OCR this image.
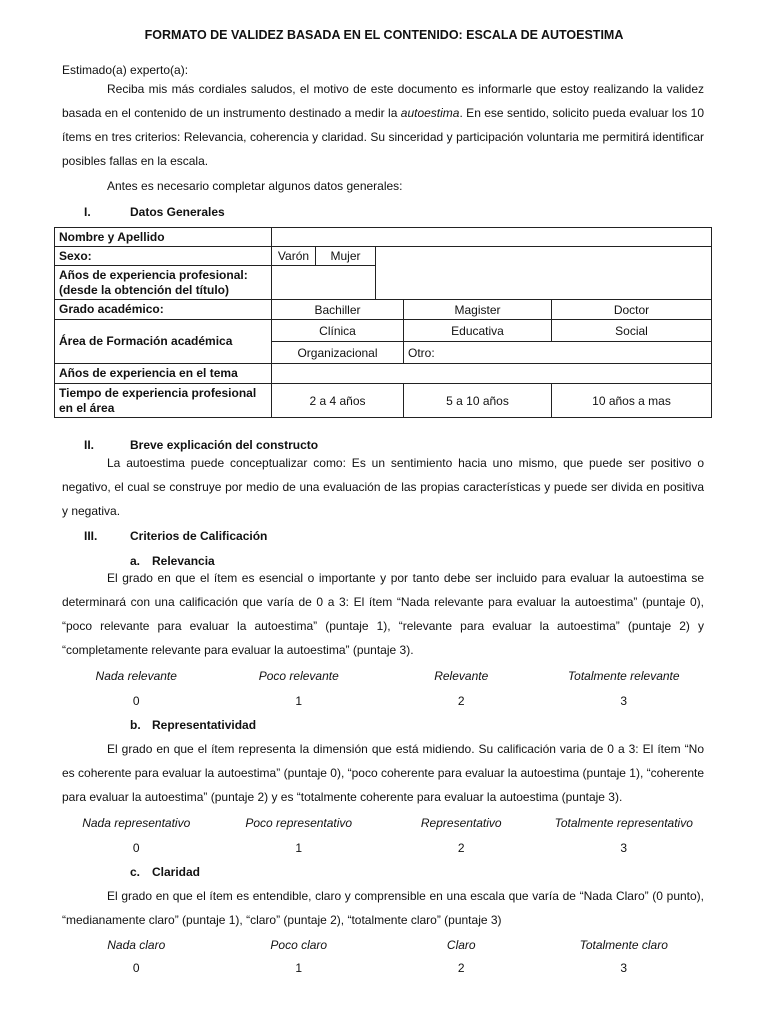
FORMATO DE VALIDEZ BASADA EN EL CONTENIDO: ESCALA DE AUTOESTIMA
Estimado(a) experto(a):
Reciba mis más cordiales saludos, el motivo de este documento es informarle que estoy realizando la validez basada en el contenido de un instrumento destinado a medir la autoestima. En ese sentido, solicito pueda evaluar los 10 ítems en tres criterios: Relevancia, coherencia y claridad. Su sinceridad y participación voluntaria me permitirá identificar posibles fallas en la escala.
Antes es necesario completar algunos datos generales:
I.	Datos Generales
Nombre y Apellido					
Sexo:	Varón	Mujer			
Años de experiencia profesional:
(desde la obtención del título)					
Grado académico:	Bachiller			Magister	Doctor
Área de Formación académica	Clínica			Educativa	Social
	Organizacional			Otro:	
Años de experiencia en el tema					
Tiempo de experiencia profesional en el área	2 a 4 años			5 a 10 años	10 años a mas
II.	Breve explicación del constructo
La autoestima puede conceptualizar como: Es un sentimiento hacia uno mismo, que puede ser positivo o negativo, el cual se construye por medio de una evaluación de las propias características y puede ser divida en positiva y negativa.
III.	Criterios de Calificación
a. Relevancia
El grado en que el ítem es esencial o importante y por tanto debe ser incluido para evaluar la autoestima se determinará con una calificación que varía de 0 a 3: El ítem “Nada relevante para evaluar la autoestima” (puntaje 0), “poco relevante para evaluar la autoestima” (puntaje 1), “relevante para evaluar la autoestima” (puntaje 2) y “completamente relevante para evaluar la autoestima” (puntaje 3).
Nada relevante	Poco relevante	Relevante	Totalmente relevante
0	1	2	3
b. Representatividad
El grado en que el ítem representa la dimensión que está midiendo. Su calificación varia de 0 a 3: El ítem “No es coherente para evaluar la autoestima” (puntaje 0), “poco coherente para evaluar la autoestima (puntaje 1), “coherente para evaluar la autoestima” (puntaje 2) y es “totalmente coherente para evaluar la autoestima (puntaje 3).
Nada representativo	Poco representativo	Representativo	Totalmente representativo
0	1	2	3
c. Claridad
El grado en que el ítem es entendible, claro y comprensible en una escala que varía de “Nada Claro” (0 punto), “medianamente claro” (puntaje 1), “claro” (puntaje 2), “totalmente claro” (puntaje 3)
Nada claro	Poco claro	Claro	Totalmente claro
0	1	2	3
